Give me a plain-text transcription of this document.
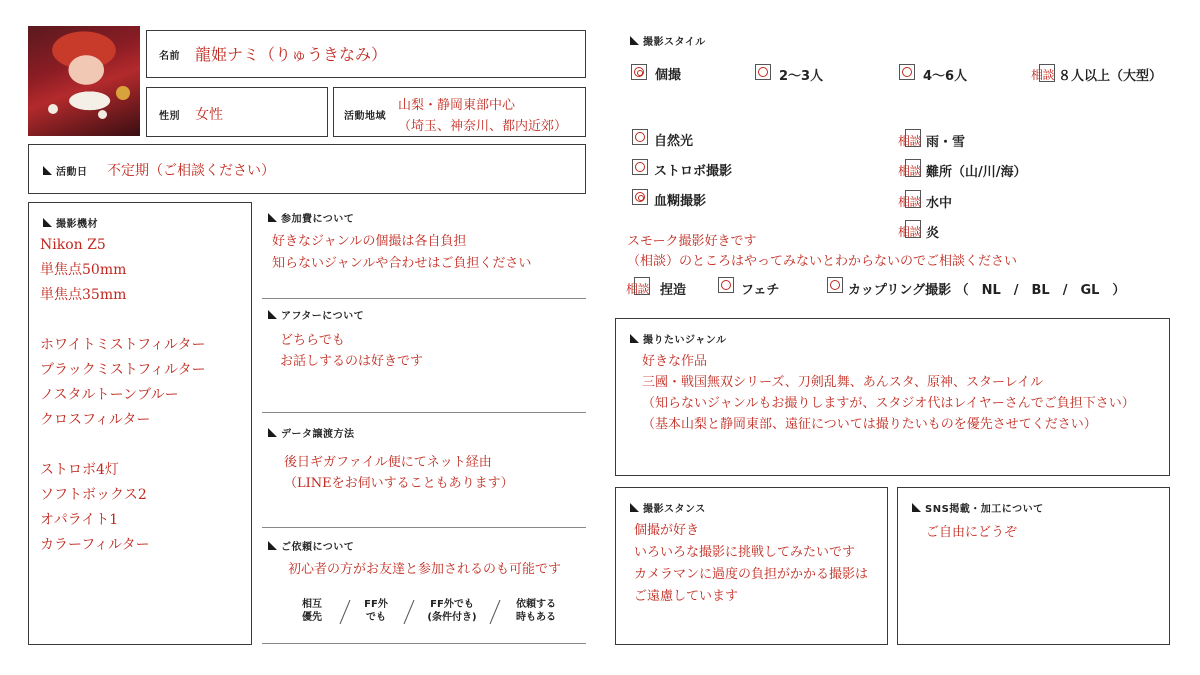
名前 龍姫ナミ（りゅうきなみ）
性別 女性	活動地域
山梨・静岡東部中心
（埼玉、神奈川、都内近郊）
活動日 不定期（ご相談ください）
撮影機材
Nikon Z5
単焦点50mm
単焦点35mm
ホワイトミストフィルター
ブラックミストフィルター
ノスタルトーンブルー
クロスフィルター
ストロボ4灯
ソフトボックス2
オパライト1
カラーフィルター
参加費について
好きなジャンルの個撮は各自負担
知らないジャンルや合わせはご負担ください
アフターについて
どちらでも
お話しするのは好きです
データ譲渡方法
後日ギガファイル便にてネット経由
（LINEをお伺いすることもあります）
ご依頼について
初心者の方がお友達と参加されるのも可能です
相互
優先
FF外
でも
FF外でも
(条件付き)
依頼する
時もある
撮影スタイル
個撮	2〜3人	4〜6人	相談 ８人以上（大型）
自然光
ストロボ撮影
血糊撮影
相談 雨・雪
相談 難所（山/川/海）
相談 水中
相談 炎
スモーク撮影好きです
（相談）のところはやってみないとわからないのでご相談ください
相談 捏造	フェチ	カップリング撮影 （　NL　/　BL　/　GL　）
撮りたいジャンル
好きな作品
三國・戦国無双シリーズ、刀剣乱舞、あんスタ、原神、スターレイル
（知らないジャンルもお撮りしますが、スタジオ代はレイヤーさんでご負担下さい）
（基本山梨と静岡東部、遠征については撮りたいものを優先させてください）
撮影スタンス
個撮が好き
いろいろな撮影に挑戦してみたいです
カメラマンに過度の負担がかかる撮影は
ご遠慮しています
SNS掲載・加工について
ご自由にどうぞ
